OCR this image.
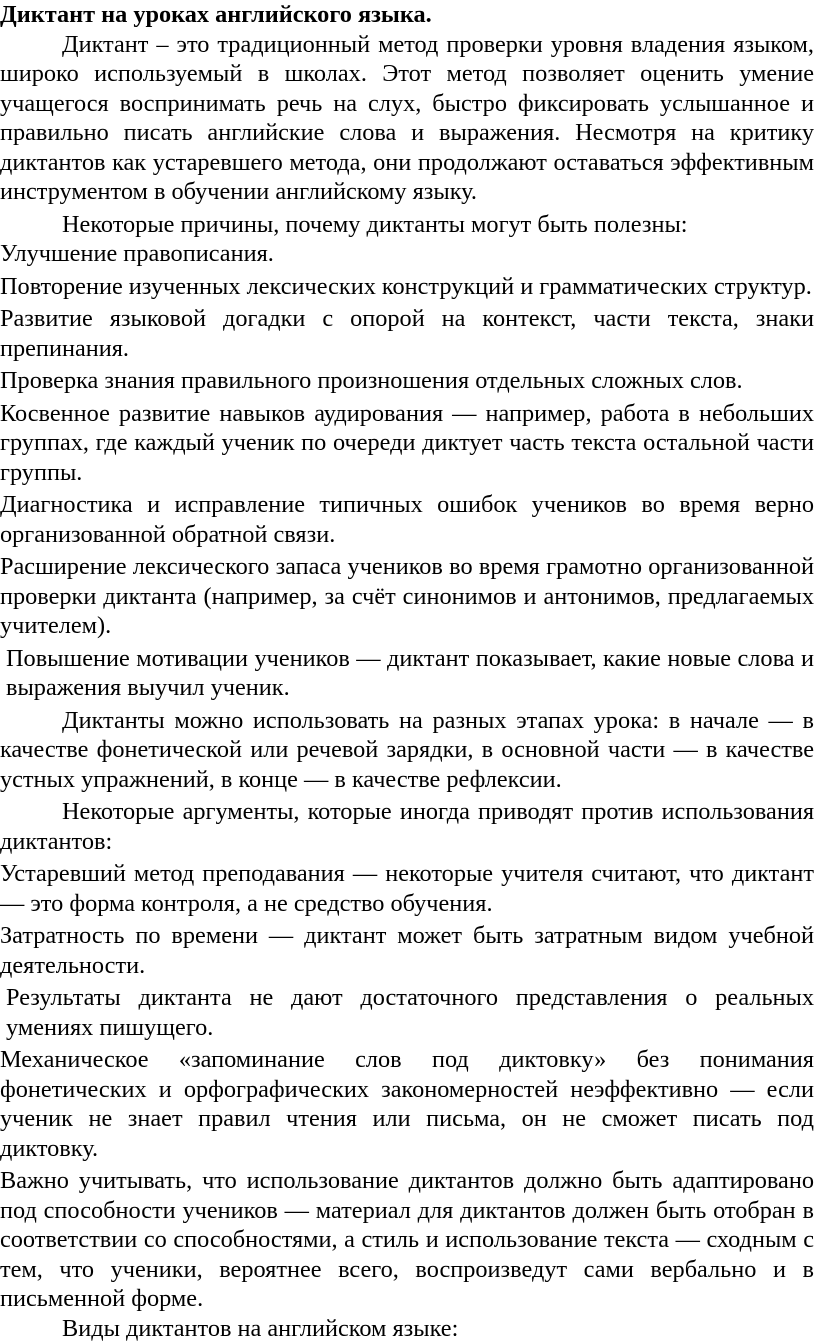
Диктант на уроках английского языка.

Диктант – это традиционный метод проверки уровня владения языком, широко используемый в школах. Этот метод позволяет оценить умение учащегося воспринимать речь на слух, быстро фиксировать услышанное и правильно писать английские слова и выражения. Несмотря на критику диктантов как устаревшего метода, они продолжают оставаться эффективным инструментом в обучении английскому языку.

Некоторые причины, почему диктанты могут быть полезны:

Улучшение правописания.

Повторение изученных лексических конструкций и грамматических структур.

Развитие языковой догадки с опорой на контекст, части текста, знаки препинания.

Проверка знания правильного произношения отдельных сложных слов.

Косвенное развитие навыков аудирования — например, работа в небольших группах, где каждый ученик по очереди диктует часть текста остальной части группы.

Диагностика и исправление типичных ошибок учеников во время верно организованной обратной связи.

Расширение лексического запаса учеников во время грамотно организованной проверки диктанта (например, за счёт синонимов и антонимов, предлагаемых учителем).

Повышение мотивации учеников — диктант показывает, какие новые слова и выражения выучил ученик.

Диктанты можно использовать на разных этапах урока: в начале — в качестве фонетической или речевой зарядки, в основной части — в качестве устных упражнений, в конце — в качестве рефлексии.

Некоторые аргументы, которые иногда приводят против использования диктантов:

Устаревший метод преподавания — некоторые учителя считают, что диктант — это форма контроля, а не средство обучения.

Затратность по времени — диктант может быть затратным видом учебной деятельности.

Результаты диктанта не дают достаточного представления о реальных умениях пишущего.

Механическое «запоминание слов под диктовку» без понимания фонетических и орфографических закономерностей неэффективно — если ученик не знает правил чтения или письма, он не сможет писать под диктовку.

Важно учитывать, что использование диктантов должно быть адаптировано под способности учеников — материал для диктантов должен быть отобран в соответствии со способностями, а стиль и использование текста — сходным с тем, что ученики, вероятнее всего, воспроизведут сами вербально и в письменной форме.

Виды диктантов на английском языке:
